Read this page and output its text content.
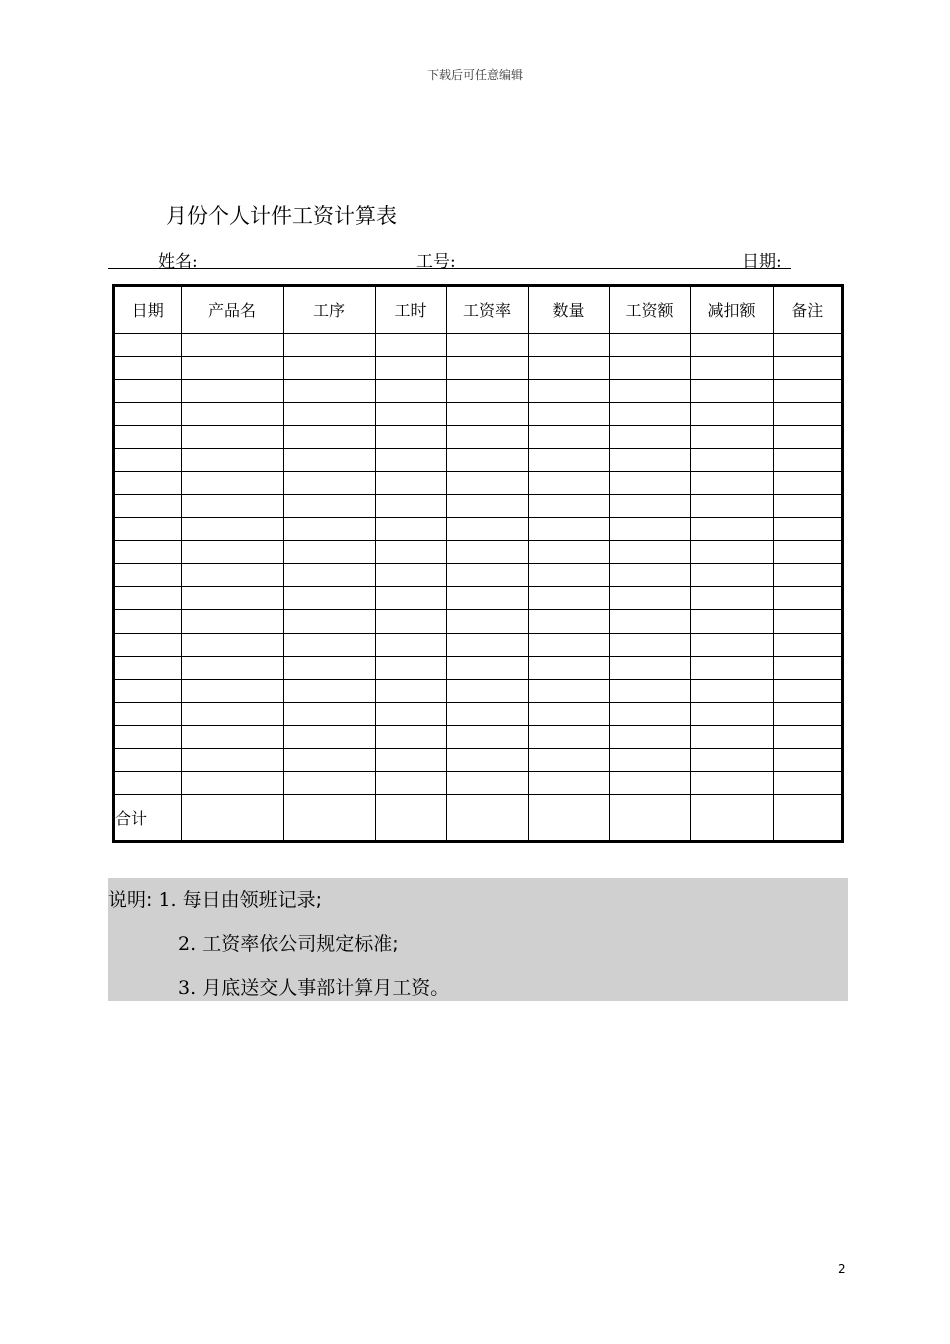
下载后可任意编辑
月份个人计件工资计算表
姓名:	工号:	日期:
日期	产品名	工序	工时	工资率	数量	工资额	减扣额	备注

合计								
说明: 1. 每日由领班记录;
2. 工资率依公司规定标准;
3. 月底送交人事部计算月工资。
2
